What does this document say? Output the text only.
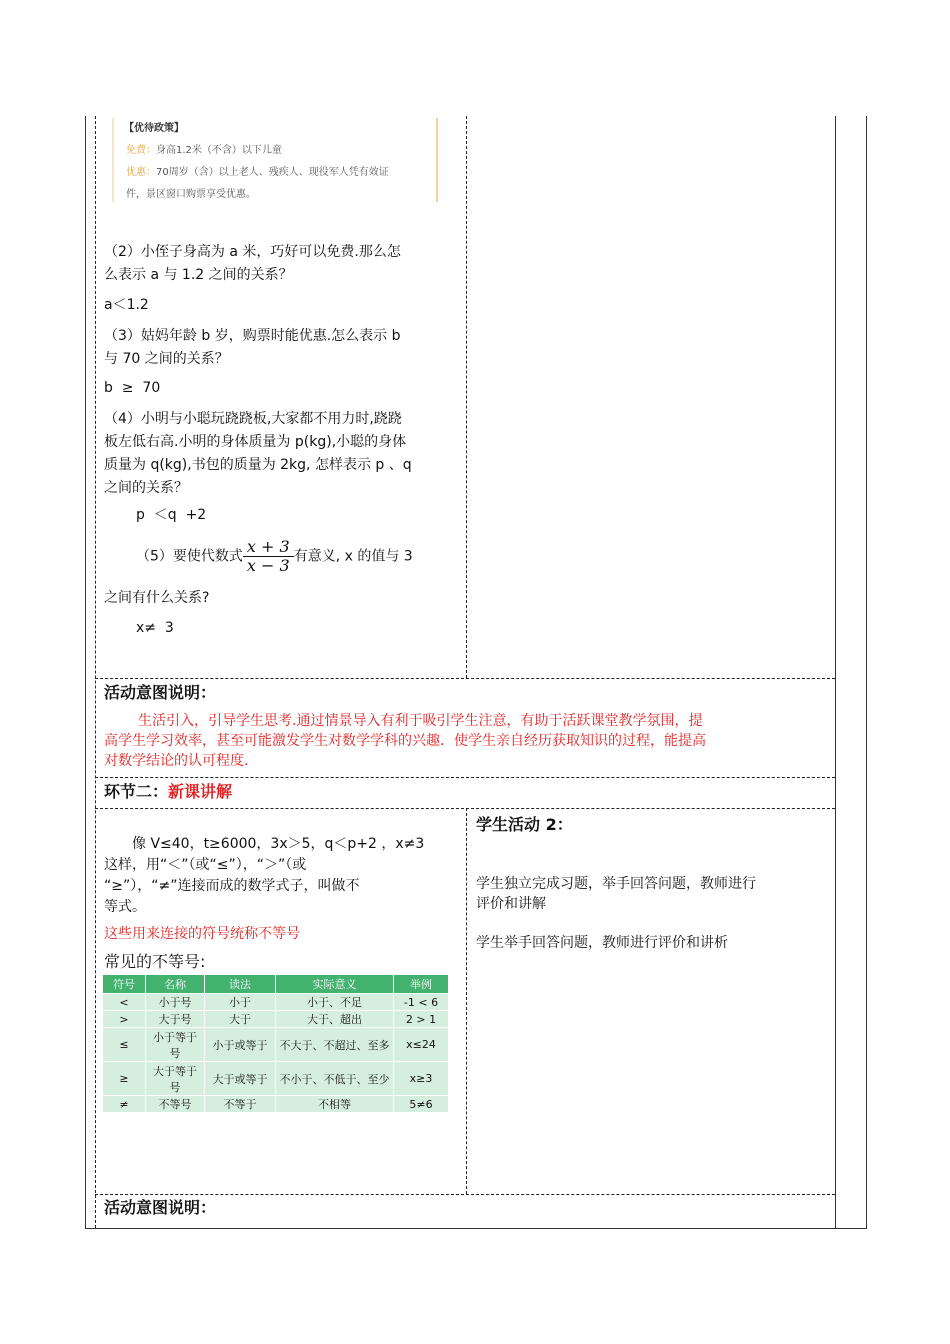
【优待政策】
免费：身高1.2米（不含）以下儿童
优惠：70周岁（含）以上老人、残疾人、现役军人凭有效证
件，景区窗口购票享受优惠。
（2）小侄子身高为 a 米，巧好可以免费.那么怎
么表示 a 与 1.2 之间的关系？
a＜1.2
（3）姑妈年龄 b 岁，购票时能优惠.怎么表示 b
与 70 之间的关系？
b  ≥  70
（4）小明与小聪玩跷跷板,大家都不用力时,跷跷
板左低右高.小明的身体质量为 p(kg),小聪的身体
质量为 q(kg),书包的质量为 2kg, 怎样表示 p 、q
之间的关系？
p  ＜q  +2
（5）要使代数式 $\frac{x + 3}{x - 3}$ 有意义, x 的值与 3
之间有什么关系?
x≠  3
活动意图说明：
生活引入，引导学生思考.通过情景导入有利于吸引学生注意，有助于活跃课堂教学氛围，提
高学生学习效率，甚至可能激发学生对数学学科的兴趣．使学生亲自经历获取知识的过程，能提高
对数学结论的认可程度.
环节二：新课讲解
像 V≤40，t≥6000，3x＞5，q＜p+2 ，x≠3
这样，用“＜”（或“≤”），“＞”（或
“≥”），“≠”连接而成的数学式子，叫做不
等式。
这些用来连接的符号统称不等号
常见的不等号:
符号	名称	读法	实际意义	举例
<	小于号	小于	小于、不足	-1 < 6
>	大于号	大于	大于、超出	2 > 1
≤	小于等于号	小于或等于	不大于、不超过、至多	x≤24
≥	大于等于号	大于或等于	不小于、不低于、至少	x≥3
≠	不等号	不等于	不相等	5≠6
学生活动 2：
学生独立完成习题，举手回答问题，教师进行
评价和讲解
学生举手回答问题，教师进行评价和讲析
活动意图说明：
